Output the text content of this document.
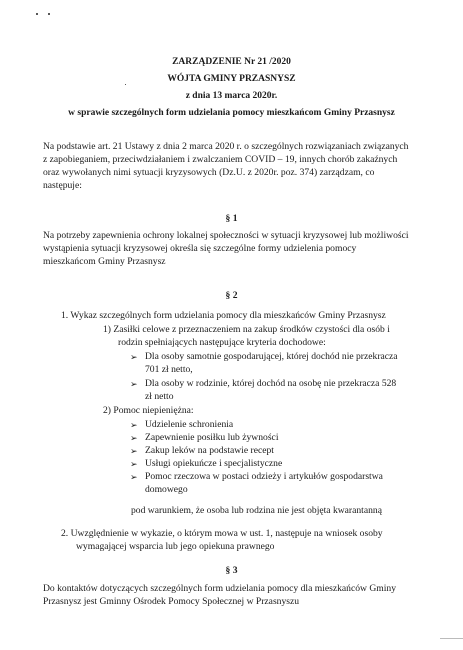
ZARZĄDZENIE Nr 21 /2020
WÓJTA GMINY PRZASNYSZ
z dnia 13 marca 2020r.
w sprawie szczególnych form udzielania pomocy mieszkańcom Gminy Przasnysz
Na podstawie art. 21 Ustawy z dnia 2 marca 2020 r. o szczególnych rozwiązaniach związanych
z zapobieganiem, przeciwdziałaniem i zwalczaniem COVID – 19, innych chorób zakaźnych
oraz wywołanych nimi sytuacji kryzysowych (Dz.U. z 2020r. poz. 374) zarządzam, co
następuje:
§ 1
Na potrzeby zapewnienia ochrony lokalnej społeczności w sytuacji kryzysowej lub możliwości
wystąpienia sytuacji kryzysowej określa się szczególne formy udzielenia pomocy
mieszkańcom Gminy Przasnysz
§ 2
1. Wykaz szczególnych form udzielania pomocy dla mieszkańców Gminy Przasnysz
1) Zasiłki celowe z przeznaczeniem na zakup środków czystości dla osób i
rodzin spełniających następujące kryteria dochodowe:
➢ Dla osoby samotnie gospodarującej, której dochód nie przekracza
701 zł netto,
➢ Dla osoby w rodzinie, której dochód na osobę nie przekracza 528
zł netto
2) Pomoc niepieniężna:
➢ Udzielenie schronienia
➢ Zapewnienie posiłku lub żywności
➢ Zakup leków na podstawie recept
➢ Usługi opiekuńcze i specjalistyczne
➢ Pomoc rzeczowa w postaci odzieży i artykułów gospodarstwa
domowego
pod warunkiem, że osoba lub rodzina nie jest objęta kwarantanną
2. Uwzględnienie w wykazie, o którym mowa w ust. 1, następuje na wniosek osoby
wymagającej wsparcia lub jego opiekuna prawnego
§ 3
Do kontaktów dotyczących szczególnych form udzielania pomocy dla mieszkańców Gminy
Przasnysz jest Gminny Ośrodek Pomocy Społecznej w Przasnyszu
